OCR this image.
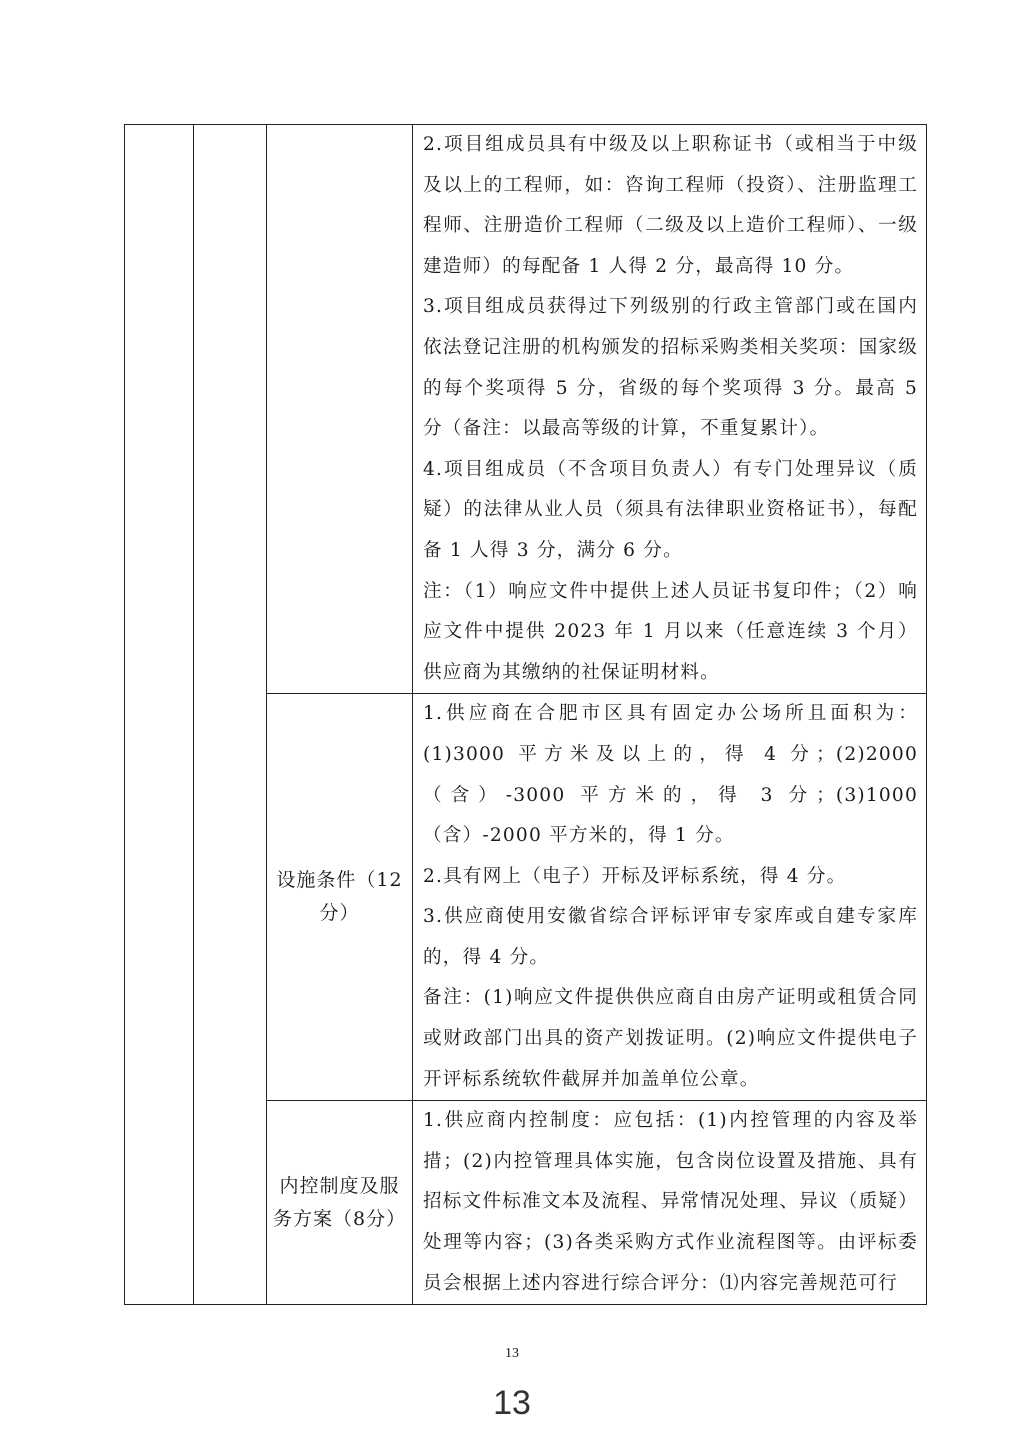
			2.项目组成员具有中级及以上职称证书（或相当于中级及以上的工程师，如：咨询工程师（投资）、注册监理工程师、注册造价工程师（二级及以上造价工程师）、一级建造师）的每配备 1 人得 2 分，最高得 10 分。

3.项目组成员获得过下列级别的行政主管部门或在国内依法登记注册的机构颁发的招标采购类相关奖项：国家级的每个奖项得 5 分，省级的每个奖项得 3 分。最高 5 分（备注：以最高等级的计算，不重复累计）。

4.项目组成员（不含项目负责人）有专门处理异议（质疑）的法律从业人员（须具有法律职业资格证书），每配备 1 人得 3 分，满分 6 分。

注：（1）响应文件中提供上述人员证书复印件；（2）响应文件中提供 2023 年 1 月以来（任意连续 3 个月）供应商为其缴纳的社保证明材料。

		设施条件（12分）	1.供应商在合肥市区具有固定办公场所且面积为：(1)3000 平方米及以上的，得 4 分；(2)2000（含）-3000 平方米的，得 3 分；(3)1000（含）-2000 平方米的，得 1 分。

2.具有网上（电子）开标及评标系统，得 4 分。

3.供应商使用安徽省综合评标评审专家库或自建专家库的，得 4 分。

备注：(1)响应文件提供供应商自由房产证明或租赁合同或财政部门出具的资产划拨证明。(2)响应文件提供电子开评标系统软件截屏并加盖单位公章。

		内控制度及服务方案（8分）	1.供应商内控制度：应包括：(1)内控管理的内容及举措；(2)内控管理具体实施，包含岗位设置及措施、具有招标文件标准文本及流程、异常情况处理、异议（质疑）处理等内容；(3)各类采购方式作业流程图等。由评标委员会根据上述内容进行综合评分：⑴内容完善规范可行

13
13
